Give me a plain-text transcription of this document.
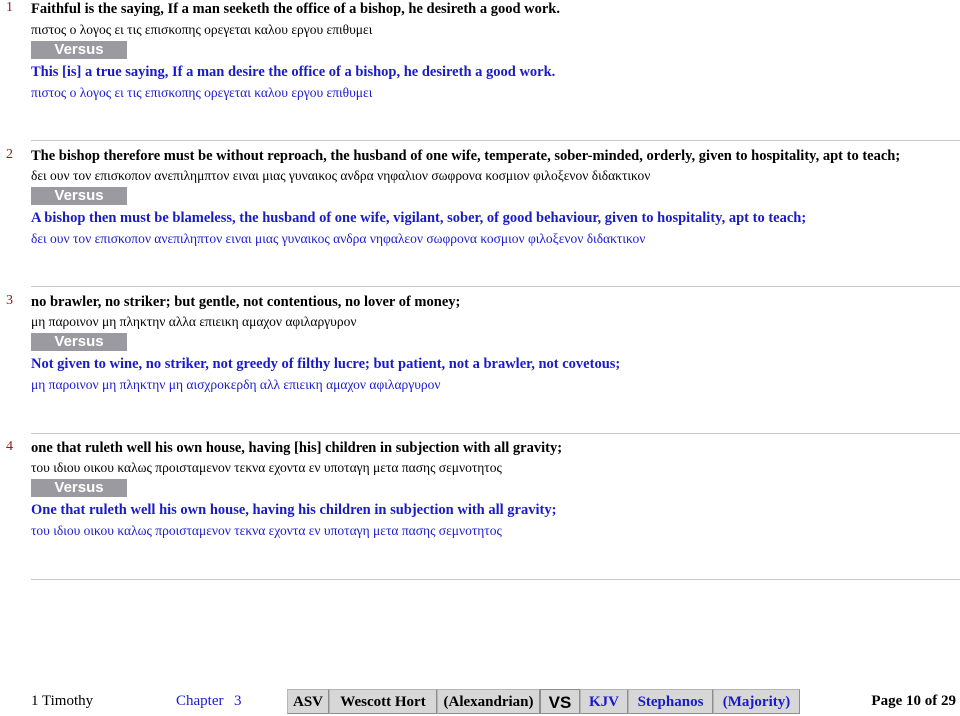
1 Faithful is the saying, If a man seeketh the office of a bishop, he desireth a good work.
πιστος ο λογος ει τις επισκοπης ορεγεται καλου εργου επιθυμει
Versus
This [is] a true saying, If a man desire the office of a bishop, he desireth a good work.
πιστος ο λογος ει τις επισκοπης ορεγεται καλου εργου επιθυμει
2 The bishop therefore must be without reproach, the husband of one wife, temperate, sober-minded, orderly, given to hospitality, apt to teach;
δει ουν τον επισκοπον ανεπιλημπτον ειναι μιας γυναικος ανδρα νηφαλιον σωφρονα κοσμιον φιλοξενον διδακτικον
Versus
A bishop then must be blameless, the husband of one wife, vigilant, sober, of good behaviour, given to hospitality, apt to teach;
δει ουν τον επισκοπον ανεπιληπτον ειναι μιας γυναικος ανδρα νηφαλεον σωφρονα κοσμιον φιλοξενον διδακτικον
3 no brawler, no striker; but gentle, not contentious, no lover of money;
μη παροινον μη πληκτην αλλα επιεικη αμαχον αφιλαργυρον
Versus
Not given to wine, no striker, not greedy of filthy lucre; but patient, not a brawler, not covetous;
μη παροινον μη πληκτην μη αισχροκερδη αλλ επιεικη αμαχον αφιλαργυρον
4 one that ruleth well his own house, having [his] children in subjection with all gravity;
του ιδιου οικου καλως προισταμενον τεκνα εχοντα εν υποταγη μετα πασης σεμνοτητος
Versus
One that ruleth well his own house, having his children in subjection with all gravity;
του ιδιου οικου καλως προισταμενον τεκνα εχοντα εν υποταγη μετα πασης σεμνοτητος
1 Timothy	Chapter 3	ASV	Wescott Hort	(Alexandrian) VS	KJV	Stephanos	(Majority)	Page 10 of 29
